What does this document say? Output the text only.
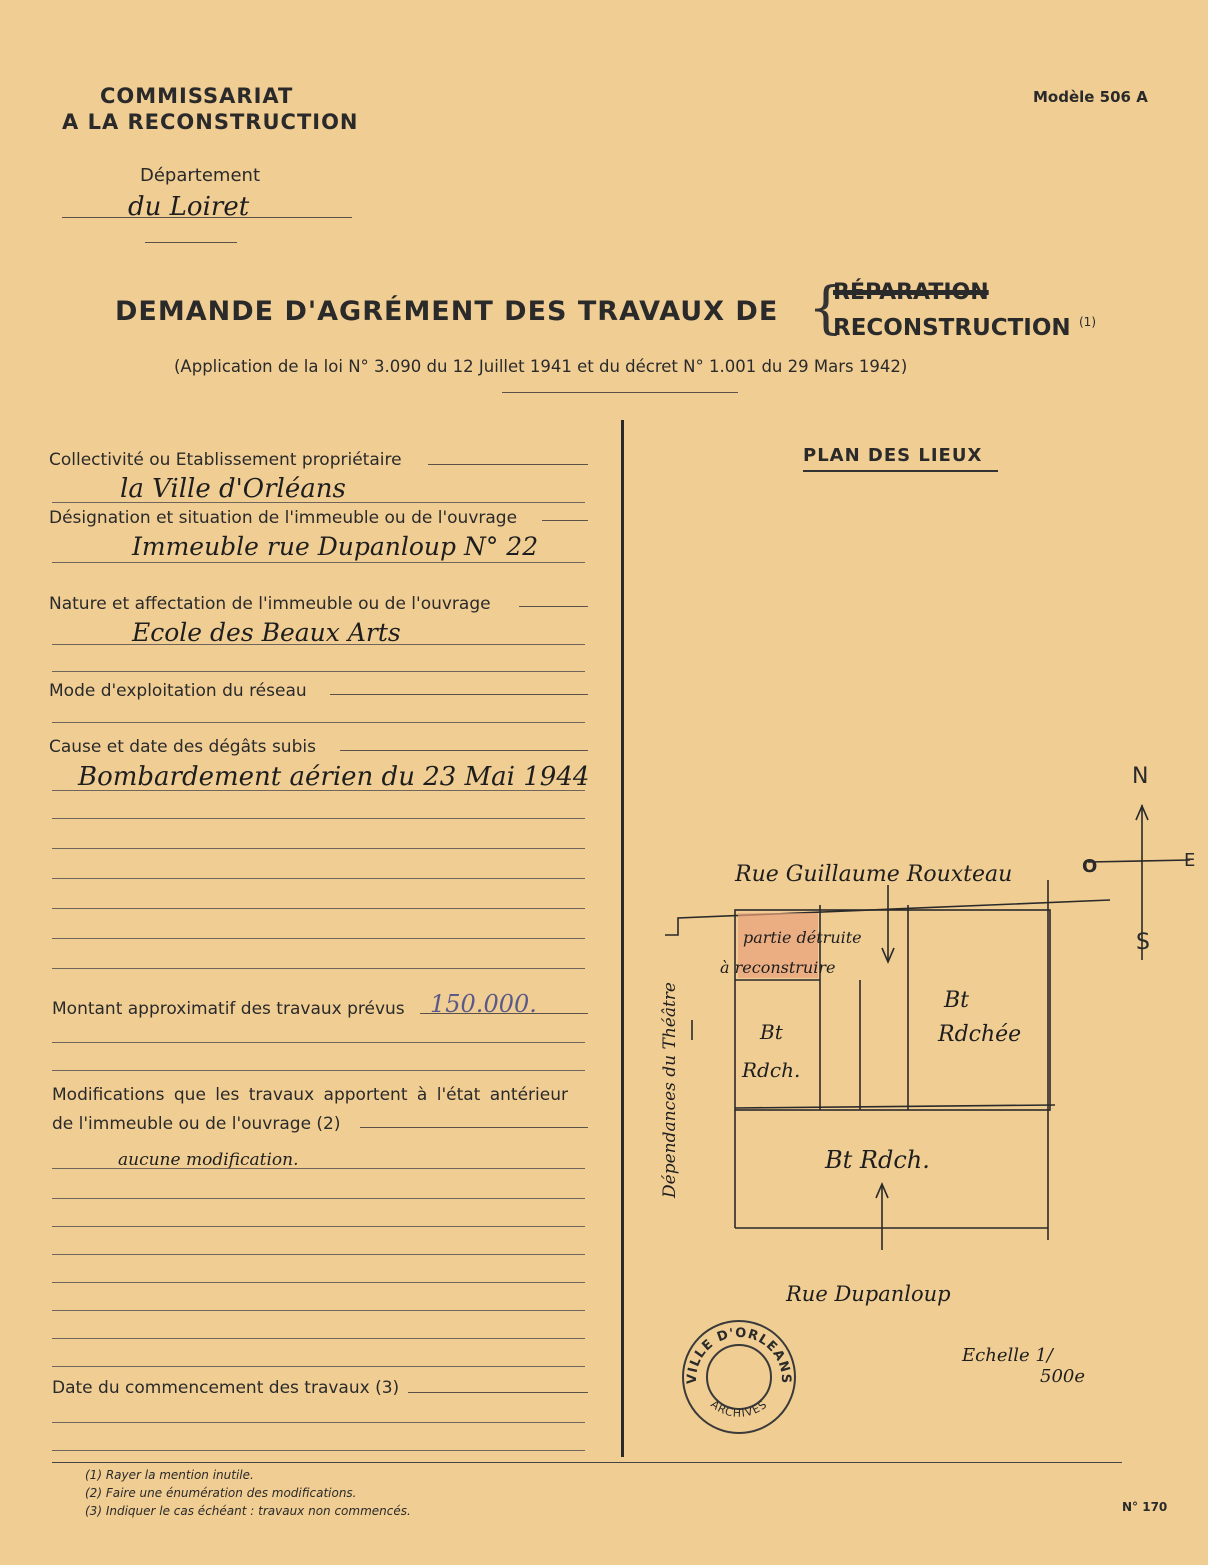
COMMISSARIAT
A LA RECONSTRUCTION
Département
du Loiret
Modèle 506 A
DEMANDE D'AGRÉMENT DES TRAVAUX DE {
RÉPARATION
RECONSTRUCTION (1)
(Application de la loi N° 3.090 du 12 Juillet 1941 et du décret N° 1.001 du 29 Mars 1942)
Collectivité ou Etablissement propriétaire
la Ville d'Orléans
Désignation et situation de l'immeuble ou de l'ouvrage
Immeuble rue Dupanloup N° 22
Nature et affectation de l'immeuble ou de l'ouvrage
Ecole des Beaux Arts
Mode d'exploitation du réseau
Cause et date des dégâts subis
Bombardement aérien du 23 Mai 1944
Montant approximatif des travaux prévus 150.000.
Modifications que les travaux apportent à l'état antérieur
de l'immeuble ou de l'ouvrage (2)
aucune modification.
Date du commencement des travaux (3)
PLAN DES LIEUX
N
E
O
S
Rue Guillaume Rouxteau
Rue Dupanloup
Dépendances du Théâtre
partie détruite
à reconstruire
Bt
Rdch.
Bt
Rdchée
Bt Rdch.
Echelle 1/
500e
VILLE D'ORLEANS
ARCHIVES
(1) Rayer la mention inutile.
(2) Faire une énumération des modifications.
(3) Indiquer le cas échéant : travaux non commencés.	N° 170
